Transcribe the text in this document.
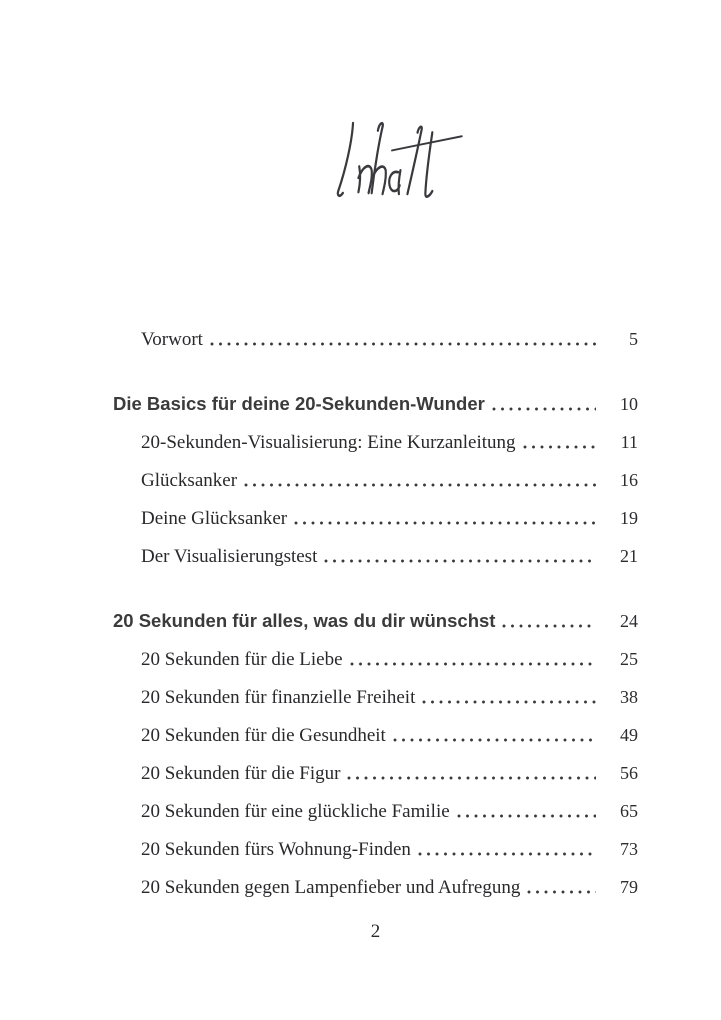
Vorwort	5
Die Basics für deine 20-Sekunden-Wunder	10
20-Sekunden-Visualisierung: Eine Kurzanleitung	11
Glücksanker	16
Deine Glücksanker	19
Der Visualisierungstest	21
20 Sekunden für alles, was du dir wünschst	24
20 Sekunden für die Liebe	25
20 Sekunden für finanzielle Freiheit	38
20 Sekunden für die Gesundheit	49
20 Sekunden für die Figur	56
20 Sekunden für eine glückliche Familie	65
20 Sekunden fürs Wohnung-Finden	73
20 Sekunden gegen Lampenfieber und Aufregung	79
2
